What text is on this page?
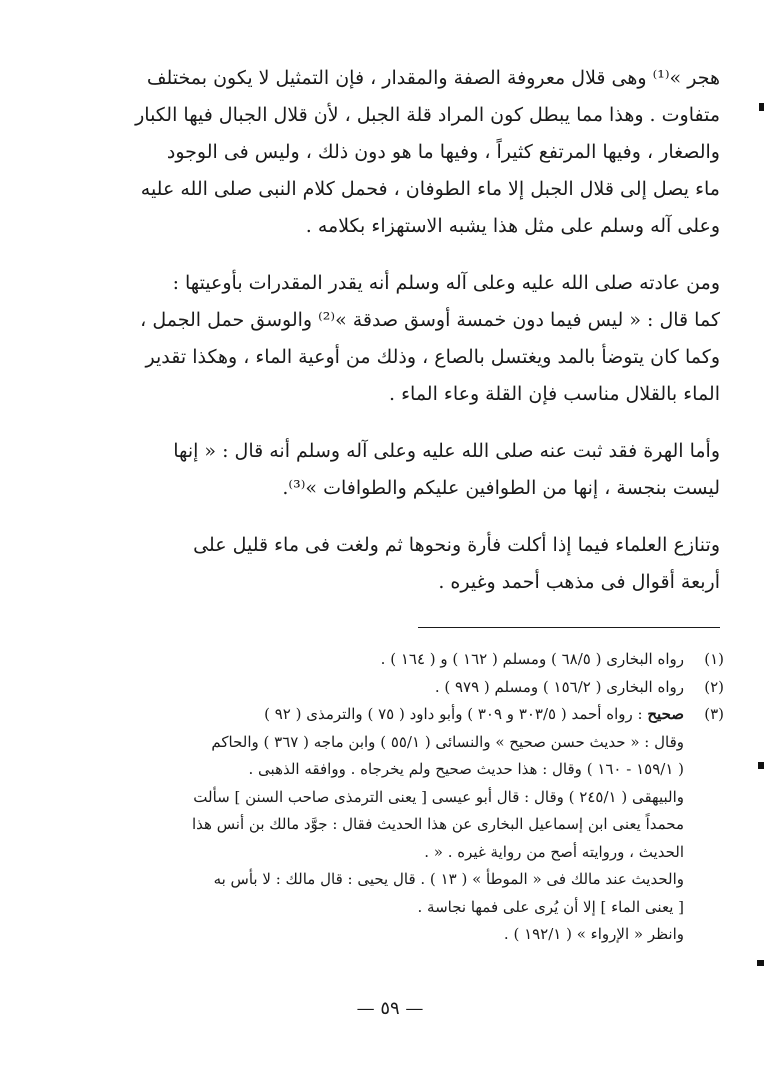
هجر »⁽¹⁾ وهى قلال معروفة الصفة والمقدار ، فإن التمثيل لا يكون بمختلف
متفاوت . وهذا مما يبطل كون المراد قلة الجبل ، لأن قلال الجبال فيها الكبار
والصغار ، وفيها المرتفع كثيراً ، وفيها ما هو دون ذلك ، وليس فى الوجود
ماء يصل إلى قلال الجبل إلا ماء الطوفان ، فحمل كلام النبى صلى الله عليه
وعلى آله وسلم على مثل هذا يشبه الاستهزاء بكلامه .
ومن عادته صلى الله عليه وعلى آله وسلم أنه يقدر المقدرات بأوعيتها :
كما قال : « ليس فيما دون خمسة أوسق صدقة »⁽²⁾ والوسق حمل الجمل ،
وكما كان يتوضأ بالمد ويغتسل بالصاع ، وذلك من أوعية الماء ، وهكذا تقدير
الماء بالقلال مناسب فإن القلة وعاء الماء .
وأما الهرة فقد ثبت عنه صلى الله عليه وعلى آله وسلم أنه قال : « إنها
ليست بنجسة ، إنها من الطوافين عليكم والطوافات »⁽³⁾.
وتنازع العلماء فيما إذا أكلت فأرة ونحوها ثم ولغت فى ماء قليل على
أربعة أقوال فى مذهب أحمد وغيره .
(١)رواه البخارى ( ٦٨/٥ ) ومسلم ( ١٦٢ ) و ( ١٦٤ ) .
(٢)رواه البخارى ( ١٥٦/٢ ) ومسلم ( ٩٧٩ ) .
(٣)صحيح : رواه أحمد ( ٣٠٣/٥ و ٣٠٩ ) وأبو داود ( ٧٥ ) والترمذى ( ٩٢ )
وقال : « حديث حسن صحيح » والنسائى ( ٥٥/١ ) وابن ماجه ( ٣٦٧ ) والحاكم
( ١٥٩/١ - ١٦٠ ) وقال : هذا حديث صحيح ولم يخرجاه . ووافقه الذهبى .
والبيهقى ( ٢٤٥/١ ) وقال : قال أبو عيسى [ يعنى الترمذى صاحب السنن ] سألت
محمداً يعنى ابن إسماعيل البخارى عن هذا الحديث فقال : جوَّد مالك بن أنس هذا
الحديث ، وروايته أصح من رواية غيره . « .
والحديث عند مالك فى « الموطأ » ( ١٣ ) . قال يحيى : قال مالك : لا بأس به
[ يعنى الماء ] إلا أن يُرى على فمها نجاسة .
وانظر « الإرواء » ( ١٩٢/١ ) .
— ٥٩ —
